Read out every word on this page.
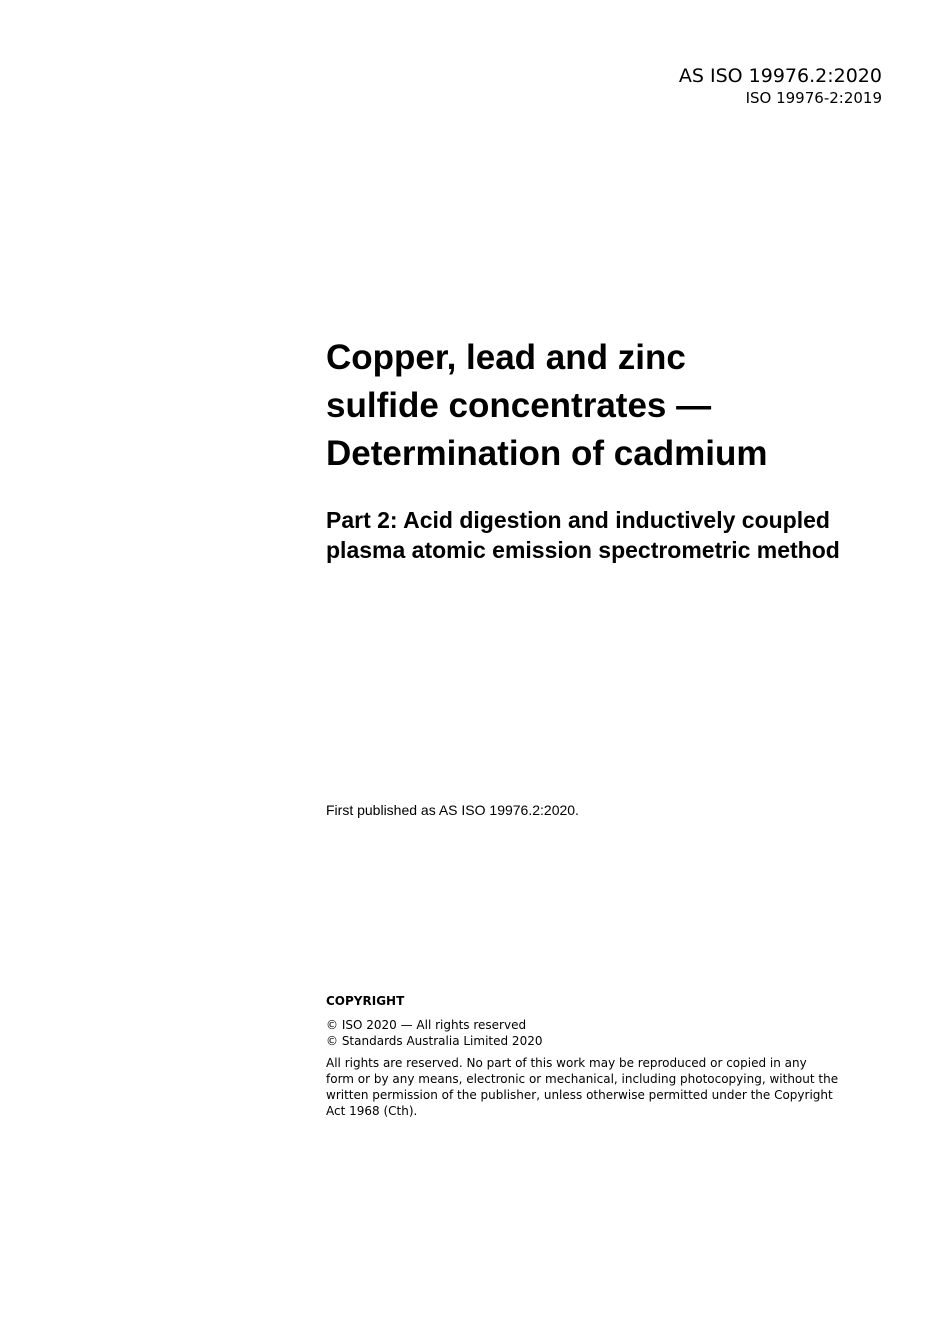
AS ISO 19976.2:2020
ISO 19976-2:2019
Copper, lead and zinc
sulfide concentrates —
Determination of cadmium
Part 2: Acid digestion and inductively coupled
plasma atomic emission spectrometric method
First published as AS ISO 19976.2:2020.
COPYRIGHT
© ISO 2020 — All rights reserved
© Standards Australia Limited 2020
All rights are reserved. No part of this work may be reproduced or copied in any
form or by any means, electronic or mechanical, including photocopying, without the
written permission of the publisher, unless otherwise permitted under the Copyright
Act 1968 (Cth).
